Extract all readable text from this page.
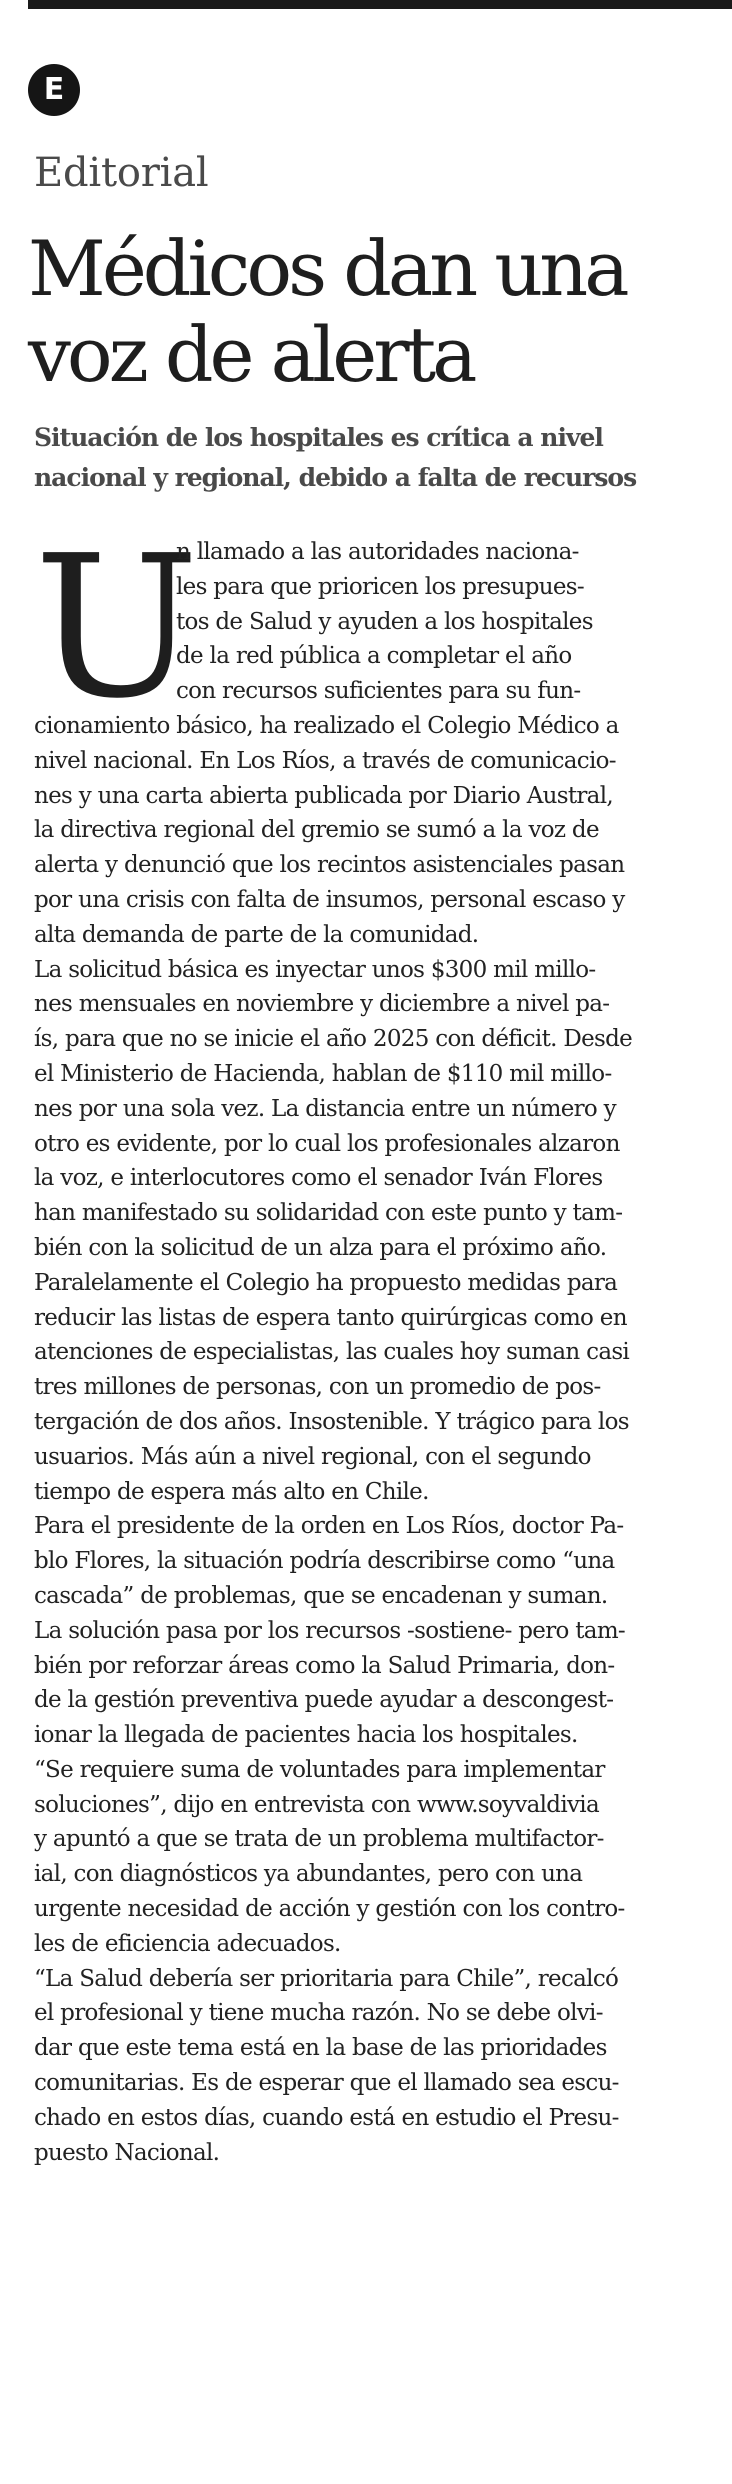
E
Editorial
Médicos dan una
voz de alerta
Situación de los hospitales es crítica a nivel
nacional y regional, debido a falta de recursos
U
n llamado a las autoridades naciona-
les para que prioricen los presupues-
tos de Salud y ayuden a los hospitales
de la red pública a completar el año
con recursos suficientes para su fun-
cionamiento básico, ha realizado el Colegio Médico a
nivel nacional. En Los Ríos, a través de comunicacio-
nes y una carta abierta publicada por Diario Austral,
la directiva regional del gremio se sumó a la voz de
alerta y denunció que los recintos asistenciales pasan
por una crisis con falta de insumos, personal escaso y
alta demanda de parte de la comunidad.
La solicitud básica es inyectar unos $300 mil millo-
nes mensuales en noviembre y diciembre a nivel pa-
ís, para que no se inicie el año 2025 con déficit. Desde
el Ministerio de Hacienda, hablan de $110 mil millo-
nes por una sola vez. La distancia entre un número y
otro es evidente, por lo cual los profesionales alzaron
la voz, e interlocutores como el senador Iván Flores
han manifestado su solidaridad con este punto y tam-
bién con la solicitud de un alza para el próximo año.
Paralelamente el Colegio ha propuesto medidas para
reducir las listas de espera tanto quirúrgicas como en
atenciones de especialistas, las cuales hoy suman casi
tres millones de personas, con un promedio de pos-
tergación de dos años. Insostenible. Y trágico para los
usuarios. Más aún a nivel regional, con el segundo
tiempo de espera más alto en Chile.
Para el presidente de la orden en Los Ríos, doctor Pa-
blo Flores, la situación podría describirse como “una
cascada” de problemas, que se encadenan y suman.
La solución pasa por los recursos -sostiene- pero tam-
bién por reforzar áreas como la Salud Primaria, don-
de la gestión preventiva puede ayudar a descongest-
ionar la llegada de pacientes hacia los hospitales.
“Se requiere suma de voluntades para implementar
soluciones”, dijo en entrevista con www.soyvaldivia
y apuntó a que se trata de un problema multifactor-
ial, con diagnósticos ya abundantes, pero con una
urgente necesidad de acción y gestión con los contro-
les de eficiencia adecuados.
“La Salud debería ser prioritaria para Chile”, recalcó
el profesional y tiene mucha razón. No se debe olvi-
dar que este tema está en la base de las prioridades
comunitarias. Es de esperar que el llamado sea escu-
chado en estos días, cuando está en estudio el Presu-
puesto Nacional.
